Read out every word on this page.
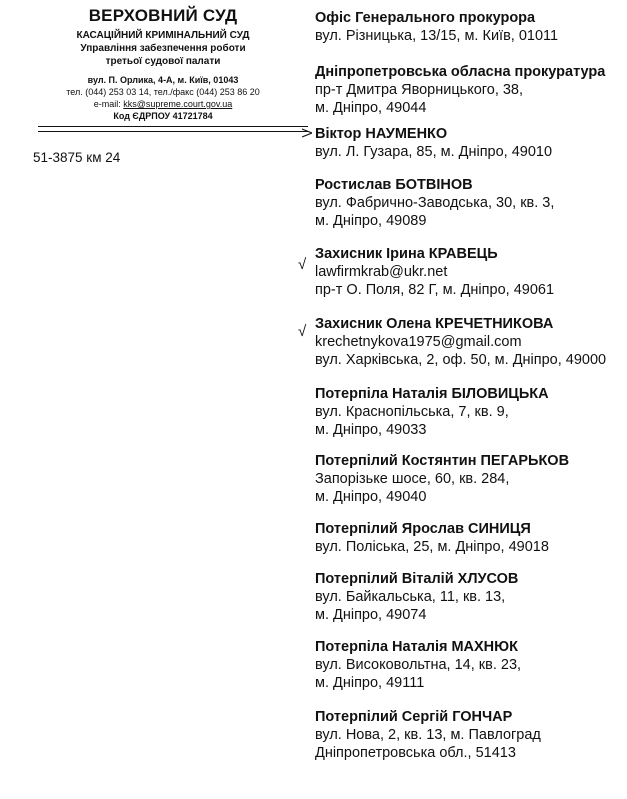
ВЕРХОВНИЙ СУД
КАСАЦІЙНИЙ КРИМІНАЛЬНИЙ СУД
Управління забезпечення роботи
третьої судової палати
вул. П. Орлика, 4-А, м. Київ, 01043
тел. (044) 253 03 14, тел./факс (044) 253 86 20
e-mail: kks@supreme.court.gov.ua
Код ЄДРПОУ 41721784
51-3875 км 24
Офіс Генерального прокурора
вул. Різницька, 13/15, м. Київ, 01011
Дніпропетровська обласна прокуратура
пр-т Дмитра Яворницького, 38,
м. Дніпро, 49044
Віктор НАУМЕНКО
вул. Л. Гузара, 85, м. Дніпро, 49010
Ростислав БОТВІНОВ
вул. Фабрично-Заводська, 30, кв. 3,
м. Дніпро, 49089
√
Захисник Ірина КРАВЕЦЬ
lawfirmkrab@ukr.net
пр-т О. Поля, 82 Г, м. Дніпро, 49061
√ Захисник Олена КРЕЧЕТНИКОВА
krechetnykova1975@gmail.com
вул. Харківська, 2, оф. 50, м. Дніпро, 49000
Потерпіла Наталія БІЛОВИЦЬКА
вул. Краснопільська, 7, кв. 9,
м. Дніпро, 49033
Потерпілий Костянтин ПЕГАРЬКОВ
Запорізьке шосе, 60, кв. 284,
м. Дніпро, 49040
Потерпілий Ярослав СИНИЦЯ
вул. Поліська, 25, м. Дніпро, 49018
Потерпілий Віталій ХЛУСОВ
вул. Байкальська, 11, кв. 13,
м. Дніпро, 49074
Потерпіла Наталія МАХНЮК
вул. Високовольтна, 14, кв. 23,
м. Дніпро, 49111
Потерпілий Сергій ГОНЧАР
вул. Нова, 2, кв. 13, м. Павлоград
Дніпропетровська обл., 51413
